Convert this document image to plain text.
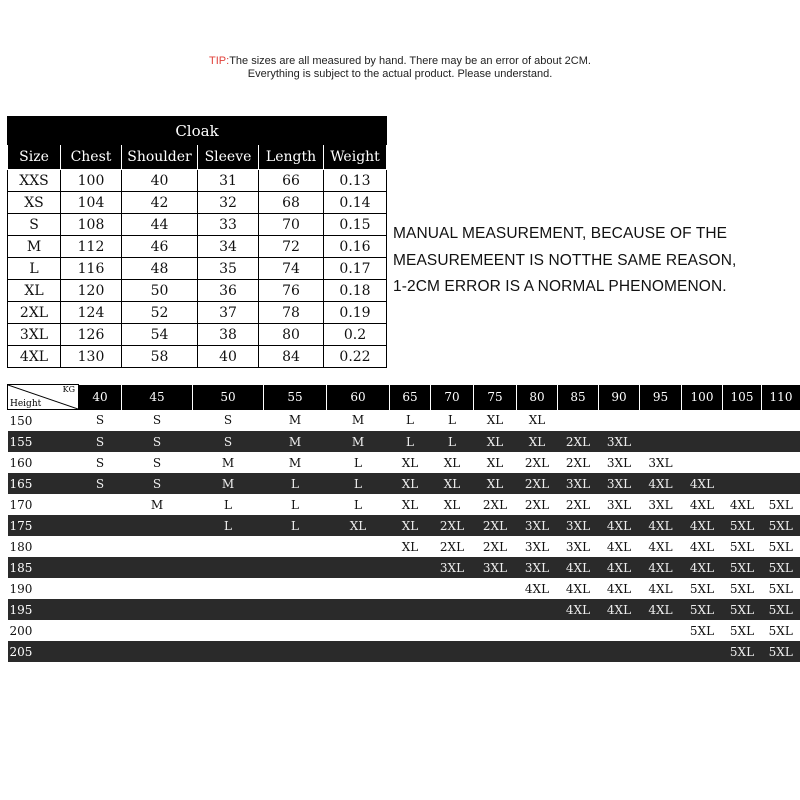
TIP:The sizes are all measured by hand. There may be an error of about 2CM.
Everything is subject to the actual product. Please understand.
Cloak					
Size	Chest	Shoulder	Sleeve	Length	Weight
XXS	100	40	31	66	0.13
XS	104	42	32	68	0.14
S	108	44	33	70	0.15
M	112	46	34	72	0.16
L	116	48	35	74	0.17
XL	120	50	36	76	0.18
2XL	124	52	37	78	0.19
3XL	126	54	38	80	0.2
4XL	130	58	40	84	0.22
MANUAL MEASUREMENT, BECAUSE OF THE
MEASUREMEENT IS NOTTHE SAME REASON,
1-2CM ERROR IS A NORMAL PHENOMENON.
KG
Height	40	45	50	55	60	65	70	75	80	85	90	95	100	105	110
150	S	S	S	M	M	L	L	XL	XL						
155	S	S	S	M	M	L	L	XL	XL	2XL	3XL				
160	S	S	M	M	L	XL	XL	XL	2XL	2XL	3XL	3XL			
165	S	S	M	L	L	XL	XL	XL	2XL	3XL	3XL	4XL	4XL		
170		M	L	L	L	XL	XL	2XL	2XL	2XL	3XL	3XL	4XL	4XL	5XL
175			L	L	XL	XL	2XL	2XL	3XL	3XL	4XL	4XL	4XL	5XL	5XL
180						XL	2XL	2XL	3XL	3XL	4XL	4XL	4XL	5XL	5XL
185							3XL	3XL	3XL	4XL	4XL	4XL	4XL	5XL	5XL
190									4XL	4XL	4XL	4XL	5XL	5XL	5XL
195										4XL	4XL	4XL	5XL	5XL	5XL
200													5XL	5XL	5XL
205														5XL	5XL
